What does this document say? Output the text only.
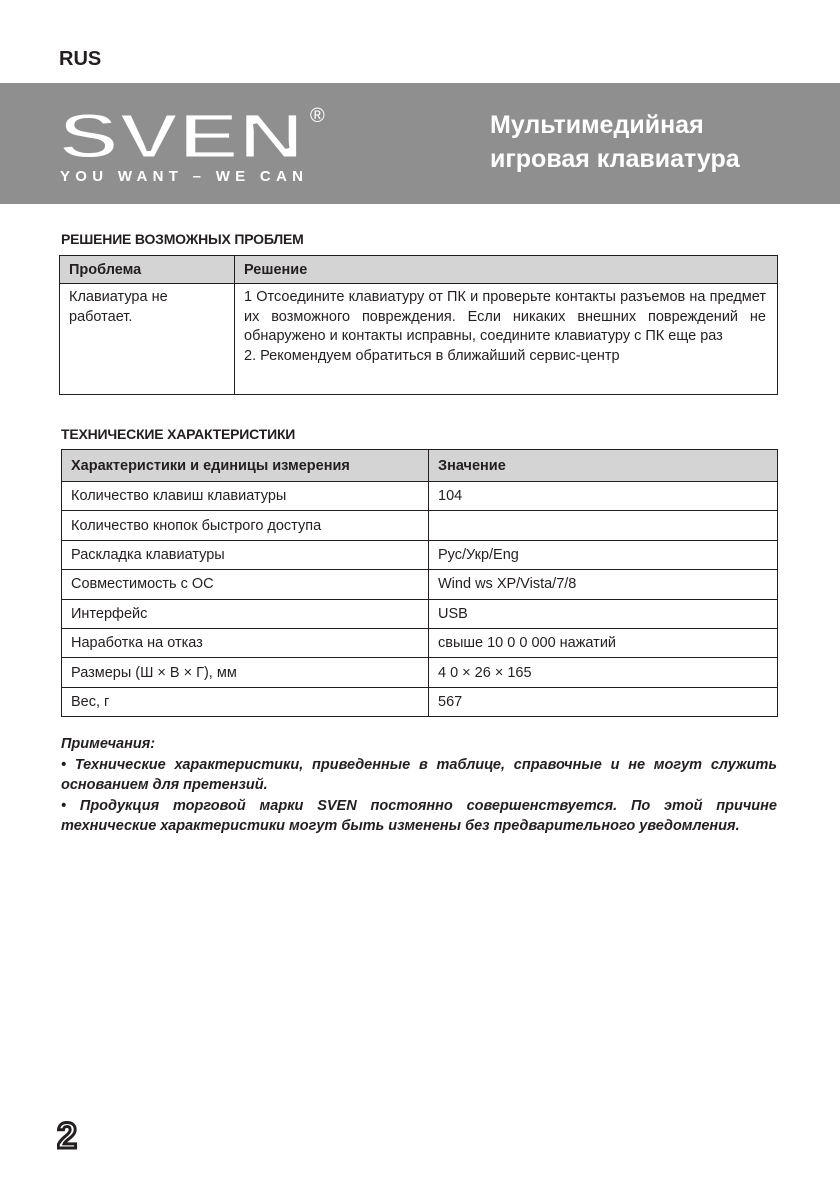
RUS
SVEN ®
YOU WANT – WE CAN
Мультимедийная
игровая клавиатура
РЕШЕНИЕ ВОЗМОЖНЫХ ПРОБЛЕМ
Проблема	Решение

Клавиатура не работает.	1 Отсоедините клавиатуру от ПК и проверьте контакты разъемов на предмет их возможного повреждения. Если никаких внешних повреждений не обнаружено и контакты исправны, соедините клавиатуру с ПК еще раз
2. Рекомендуем обратиться в ближайший сервис-центр
ТЕХНИЧЕСКИЕ ХАРАКТЕРИСТИКИ
Характеристики и единицы измерения	Значение
Количество клавиш клавиатуры	104
Количество кнопок быстрого доступа	
Раскладка клавиатуры	Рус/Укр/Eng
Совместимость с ОС	Wind ws XP/Vista/7/8
Интерфейс	USB
Наработка на отказ	свыше 10 0 0 000 нажатий
Размеры (Ш × В × Г), мм	4 0 × 26 × 165
Вес, г	567

Примечания:

• Технические характеристики, приведенные в таблице, справочные и не могут служить основанием для претензий.

• Продукция торговой марки SVEN постоянно совершенствуется. По этой причине технические характеристики могут быть изменены без предварительного уведомления.

2
